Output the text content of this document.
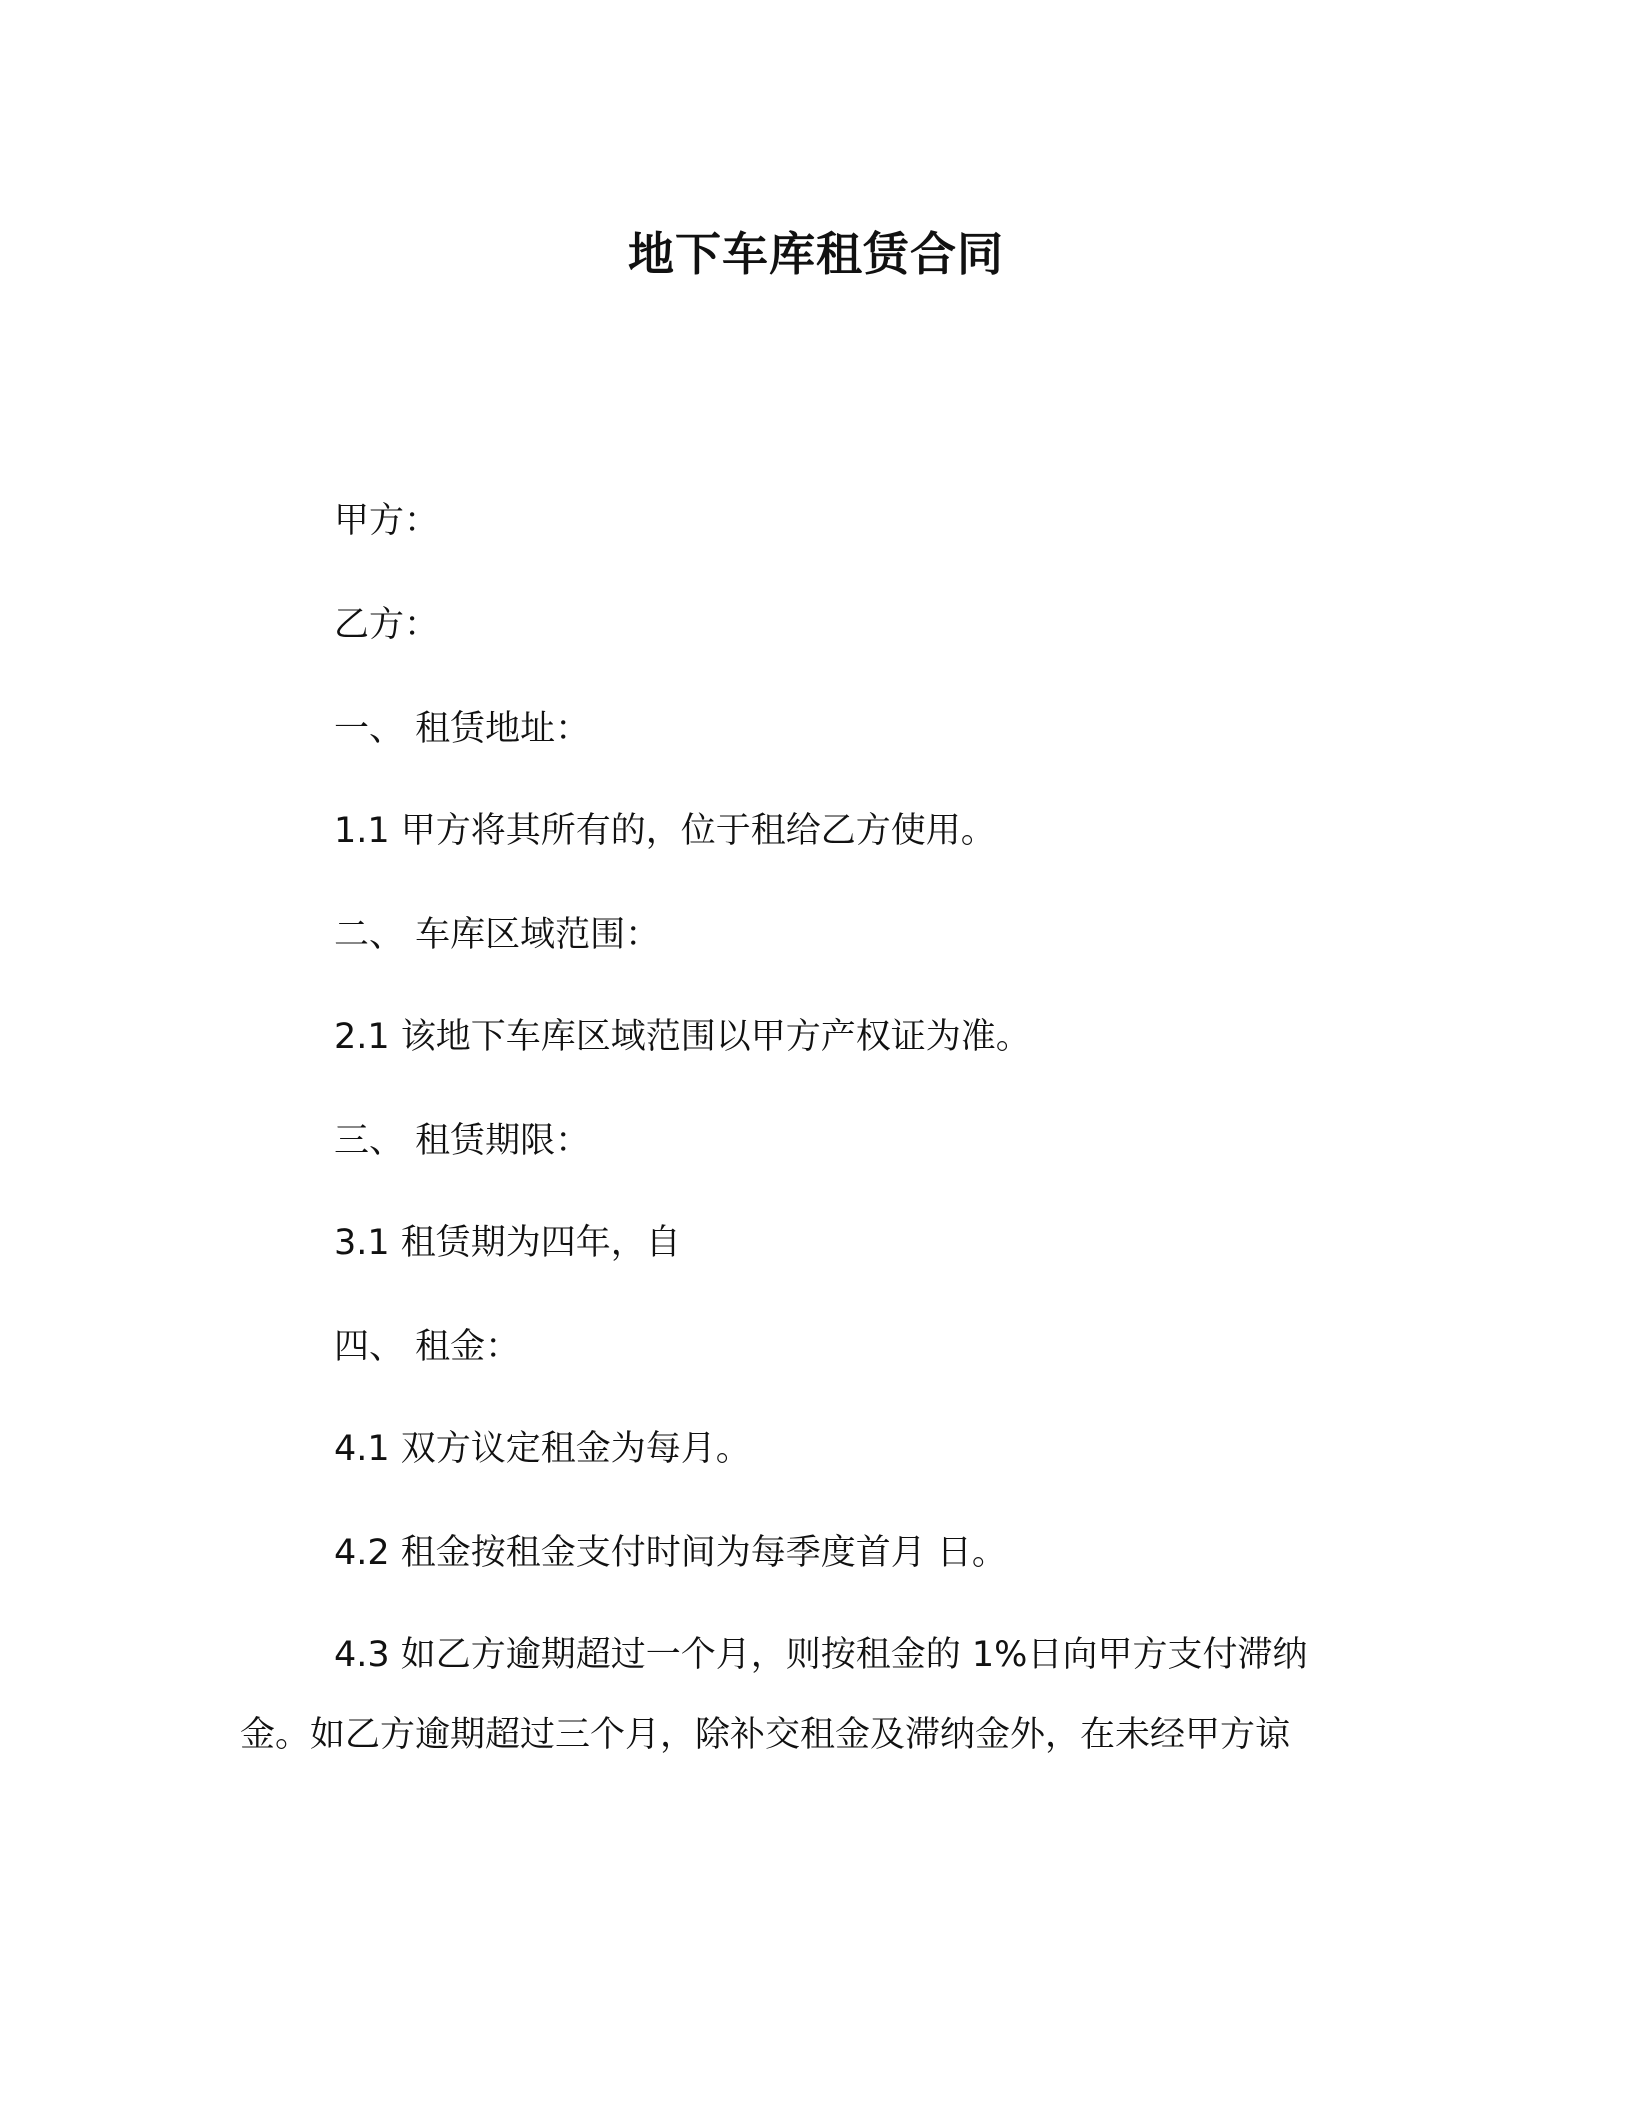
地下车库租赁合同
甲方：
乙方：
一、 租赁地址：
1.1 甲方将其所有的，位于租给乙方使用。
二、 车库区域范围：
2.1 该地下车库区域范围以甲方产权证为准。
三、 租赁期限：
3.1 租赁期为四年，自
四、 租金：
4.1 双方议定租金为每月。
4.2 租金按租金支付时间为每季度首月 日。
4.3 如乙方逾期超过一个月，则按租金的 1%日向甲方支付滞纳
金。如乙方逾期超过三个月，除补交租金及滞纳金外，在未经甲方谅
